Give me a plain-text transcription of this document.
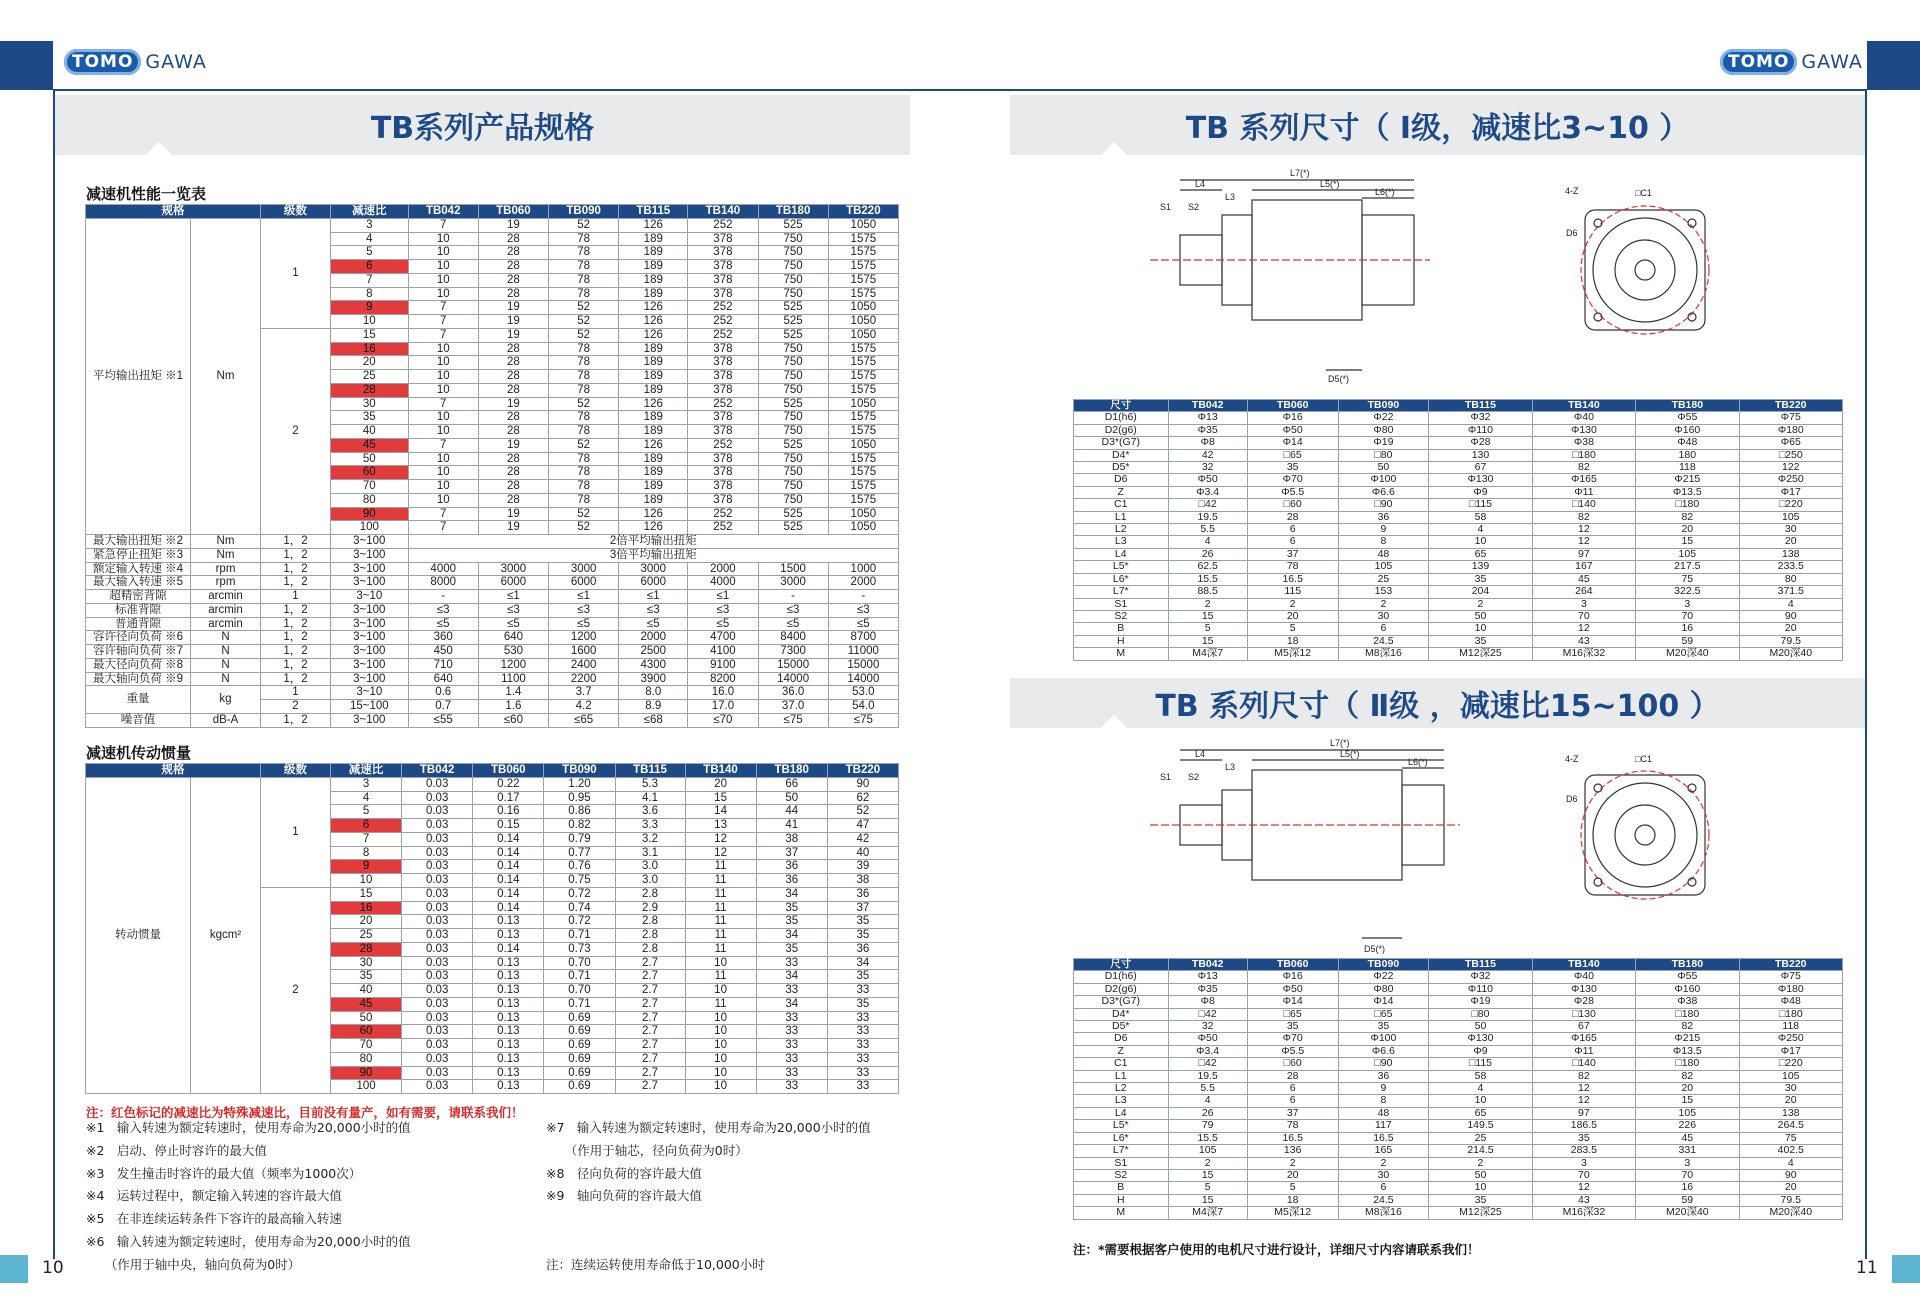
TOMO GAWA	TOMO GAWA
TB系列产品规格	TB 系列尺寸（ Ⅰ级，减速比3~10 ）
TB 系列尺寸（ Ⅱ级 ，减速比15~100 ）
减速机性能一览表
规格		级数	减速比	TB042	TB060	TB090	TB115	TB140	TB180	TB220
平均输出扭矩 ※1	Nm	1	3	7	19	52	126	252	525	1050
			4	10	28	78	189	378	750	1575
			5	10	28	78	189	378	750	1575
			6	10	28	78	189	378	750	1575
			7	10	28	78	189	378	750	1575
			8	10	28	78	189	378	750	1575
			9	7	19	52	126	252	525	1050
			10	7	19	52	126	252	525	1050
		2	15	7	19	52	126	252	525	1050
			16	10	28	78	189	378	750	1575
			20	10	28	78	189	378	750	1575
			25	10	28	78	189	378	750	1575
			28	10	28	78	189	378	750	1575
			30	7	19	52	126	252	525	1050
			35	10	28	78	189	378	750	1575
			40	10	28	78	189	378	750	1575
			45	7	19	52	126	252	525	1050
			50	10	28	78	189	378	750	1575
			60	10	28	78	189	378	750	1575
			70	10	28	78	189	378	750	1575
			80	10	28	78	189	378	750	1575
			90	7	19	52	126	252	525	1050
			100	7	19	52	126	252	525	1050
最大输出扭矩 ※2	Nm	1，2	3~100	2倍平均输出扭矩						
紧急停止扭矩 ※3	Nm	1，2	3~100	3倍平均输出扭矩						
额定输入转速 ※4	rpm	1，2	3~100	4000	3000	3000	3000	2000	1500	1000
最大输入转速 ※5	rpm	1，2	3~100	8000	6000	6000	6000	4000	3000	2000
超精密背隙	arcmin	1	3~10	-	≤1	≤1	≤1	≤1	-	-
标准背隙	arcmin	1，2	3~100	≤3	≤3	≤3	≤3	≤3	≤3	≤3
普通背隙	arcmin	1，2	3~100	≤5	≤5	≤5	≤5	≤5	≤5	≤5
容许径向负荷 ※6	N	1，2	3~100	360	640	1200	2000	4700	8400	8700
容许轴向负荷 ※7	N	1，2	3~100	450	530	1600	2500	4100	7300	11000
最大径向负荷 ※8	N	1，2	3~100	710	1200	2400	4300	9100	15000	15000
最大轴向负荷 ※9	N	1，2	3~100	640	1100	2200	3900	8200	14000	14000
重量	kg	1	3~10	0.6	1.4	3.7	8.0	16.0	36.0	53.0
		2	15~100	0.7	1.6	4.2	8.9	17.0	37.0	54.0
噪音值	dB-A	1，2	3~100	≤55	≤60	≤65	≤68	≤70	≤75	≤75
减速机传动惯量
规格		级数	减速比	TB042	TB060	TB090	TB115	TB140	TB180	TB220
转动惯量	kgcm²	1	3	0.03	0.22	1.20	5.3	20	66	90
			4	0.03	0.17	0.95	4.1	15	50	62
			5	0.03	0.16	0.86	3.6	14	44	52
			6	0.03	0.15	0.82	3.3	13	41	47
			7	0.03	0.14	0.79	3.2	12	38	42
			8	0.03	0.14	0.77	3.1	12	37	40
			9	0.03	0.14	0.76	3.0	11	36	39
			10	0.03	0.14	0.75	3.0	11	36	38
		2	15	0.03	0.14	0.72	2.8	11	34	36
			16	0.03	0.14	0.74	2.9	11	35	37
			20	0.03	0.13	0.72	2.8	11	35	35
			25	0.03	0.13	0.71	2.8	11	34	35
			28	0.03	0.14	0.73	2.8	11	35	36
			30	0.03	0.13	0.70	2.7	10	33	34
			35	0.03	0.13	0.71	2.7	11	34	35
			40	0.03	0.13	0.70	2.7	10	33	33
			45	0.03	0.13	0.71	2.7	11	34	35
			50	0.03	0.13	0.69	2.7	10	33	33
			60	0.03	0.13	0.69	2.7	10	33	33
			70	0.03	0.13	0.69	2.7	10	33	33
			80	0.03	0.13	0.69	2.7	10	33	33
			90	0.03	0.13	0.69	2.7	10	33	33
			100	0.03	0.13	0.69	2.7	10	33	33
注：红色标记的减速比为特殊减速比，目前没有量产，如有需要，请联系我们！
※1　输入转速为额定转速时，使用寿命为20,000小时的值
※2　启动、停止时容许的最大值
※3　发生撞击时容许的最大值（频率为1000次）
※4　运转过程中，额定输入转速的容许最大值
※5　在非连续运转条件下容许的最高输入转速
※6　输入转速为额定转速时，使用寿命为20,000小时的值
　　（作用于轴中央，轴向负荷为0时）
※7　输入转速为额定转速时，使用寿命为20,000小时的值
　　（作用于轴芯，径向负荷为0时）
※8　径向负荷的容许最大值
※9　轴向负荷的容许最大值
注：连续运转使用寿命低于10,000小时
L7(*)
L5(*)
L4
L3	L6(*)
S1 S2
D5(*)
□C1
4-Z
D6
尺寸	TB042	TB060	TB090	TB115	TB140	TB180	TB220
D1(h6)	Φ13	Φ16	Φ22	Φ32	Φ40	Φ55	Φ75
D2(g6)	Φ35	Φ50	Φ80	Φ110	Φ130	Φ160	Φ180
D3*(G7)	Φ8	Φ14	Φ19	Φ28	Φ38	Φ48	Φ65
D4*	42	□65	□80	130	□180	180	□250
D5*	32	35	50	67	82	118	122
D6	Φ50	Φ70	Φ100	Φ130	Φ165	Φ215	Φ250
Z	Φ3.4	Φ5.5	Φ6.6	Φ9	Φ11	Φ13.5	Φ17
C1	□42	□60	□90	□115	□140	□180	□220
L1	19.5	28	36	58	82	82	105
L2	5.5	6	9	4	12	20	30
L3	4	6	8	10	12	15	20
L4	26	37	48	65	97	105	138
L5*	62.5	78	105	139	167	217.5	233.5
L6*	15.5	16.5	25	35	45	75	80
L7*	88.5	115	153	204	264	322.5	371.5
S1	2	2	2	2	3	3	4
S2	15	20	30	50	70	70	90
B	5	5	6	10	12	16	20
H	15	18	24.5	35	43	59	79.5
M	M4深7	M5深12	M8深16	M12深25	M16深32	M20深40	M20深40
L7(*)
L5(*)
L4
L3	L6(*)
S1 S2
D5(*)
□C1
4-Z
D6
尺寸	TB042	TB060	TB090	TB115	TB140	TB180	TB220
D1(h6)	Φ13	Φ16	Φ22	Φ32	Φ40	Φ55	Φ75
D2(g6)	Φ35	Φ50	Φ80	Φ110	Φ130	Φ160	Φ180
D3*(G7)	Φ8	Φ14	Φ14	Φ19	Φ28	Φ38	Φ48
D4*	□42	□65	□65	□80	□130	□180	□180
D5*	32	35	35	50	67	82	118
D6	Φ50	Φ70	Φ100	Φ130	Φ165	Φ215	Φ250
Z	Φ3.4	Φ5.5	Φ6.6	Φ9	Φ11	Φ13.5	Φ17
C1	□42	□60	□90	□115	□140	□180	□220
L1	19.5	28	36	58	82	82	105
L2	5.5	6	9	4	12	20	30
L3	4	6	8	10	12	15	20
L4	26	37	48	65	97	105	138
L5*	79	78	117	149.5	186.5	226	264.5
L6*	15.5	16.5	16.5	25	35	45	75
L7*	105	136	165	214.5	283.5	331	402.5
S1	2	2	2	2	3	3	4
S2	15	20	30	50	70	70	90
B	5	5	6	10	12	16	20
H	15	18	24.5	35	43	59	79.5
M	M4深7	M5深12	M8深16	M12深25	M16深32	M20深40	M20深40
注：*需要根据客户使用的电机尺寸进行设计，详细尺寸内容请联系我们！
10	11
